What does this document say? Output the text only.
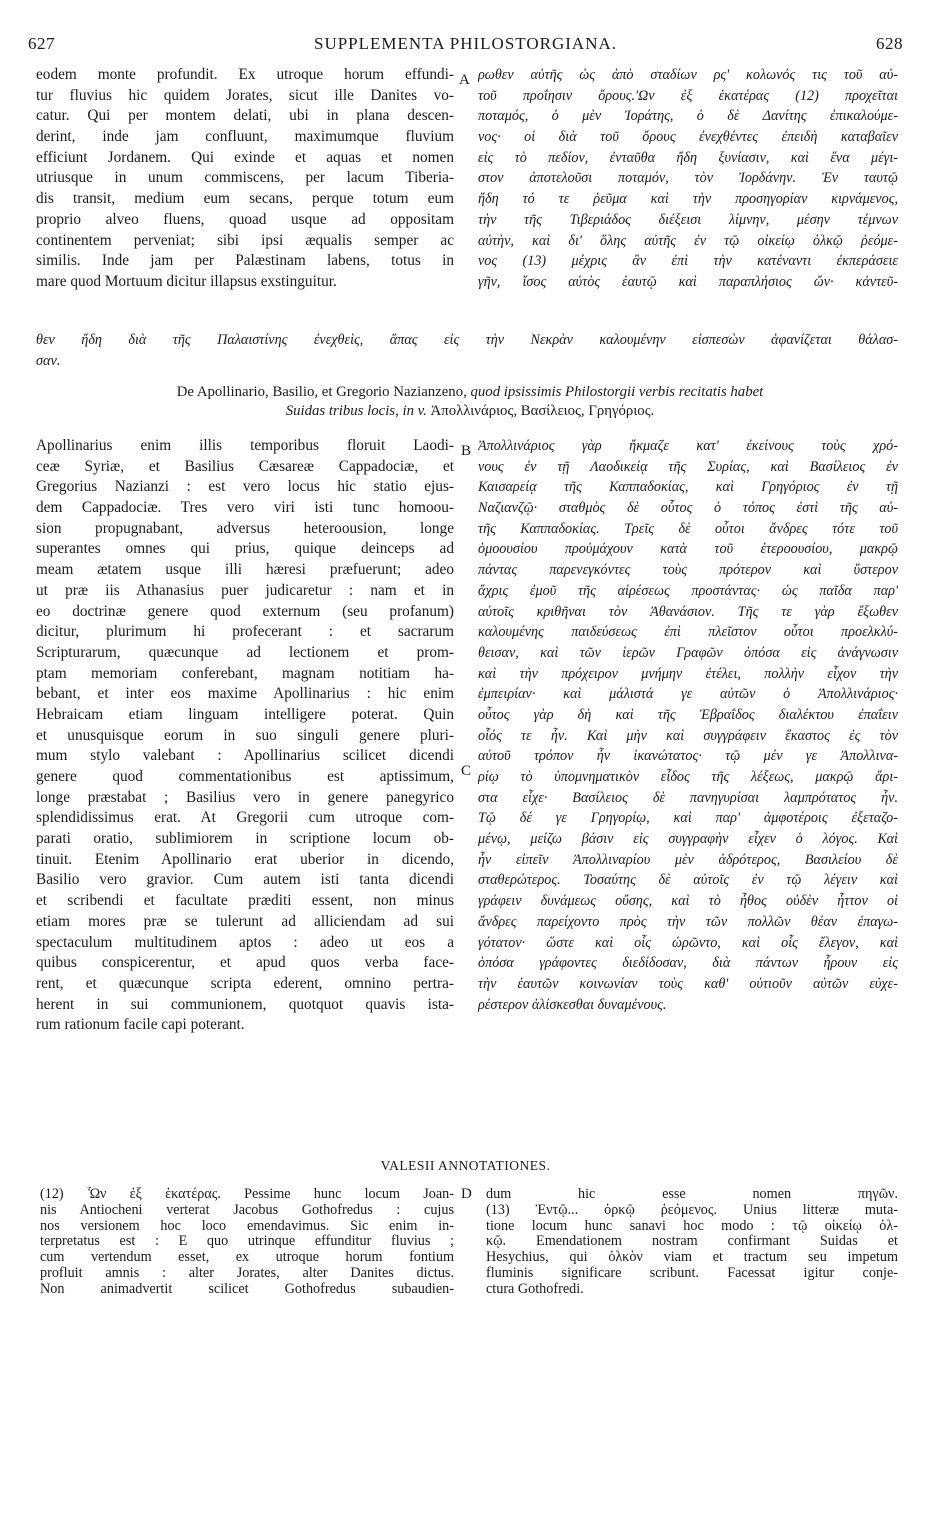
627	SUPPLEMENTA PHILOSTORGIANA.	628
eodem monte profundit. Ex utroque horum effundi-
tur fluvius hic quidem Jorates, sicut ille Danites vo-
catur. Qui per montem delati, ubi in plana descen-
derint, inde jam confluunt, maximumque fluvium
efficiunt Jordanem. Qui exinde et aquas et nomen
utriusque in unum commiscens, per lacum Tiberia-
dis transit, medium eum secans, perque totum eum
proprio alveo fluens, quoad usque ad oppositam
continentem perveniat; sibi ipsi æqualis semper ac
similis. Inde jam per Palæstinam labens, totus in
mare quod Mortuum dicitur illapsus exstinguitur.
A ρωθεν αὐτῆς ὡς ἀπὸ σταδίων ρς' κολωνός τις τοῦ αὐ-
τοῦ προΐησιν ὄρους.ʹΩν ἐξ ἑκατέρας (12) προχεῖται
ποταμός, ὁ μὲν Ἰοράτης, ὁ δὲ Δανίτης ἐπικαλούμε-
νος· οἱ διὰ τοῦ ὄρους ἐνεχθέντες ἐπειδὴ καταβαῖεν
εἰς τὸ πεδίον, ἐνταῦθα ἤδη ξυνίασιν, καὶ ἕνα μέγι-
στον ἀποτελοῦσι ποταμόν, τὸν Ἰορδάνην. Ἐν ταυτῷ
ἤδη τό τε ῥεῦμα καὶ τὴν προσηγορίαν κιρνάμενος,
τὴν τῆς Τιβεριάδος διέξεισι λίμνην, μέσην τέμνων
αὐτὴν, καὶ δι' ὅλης αὐτῆς ἐν τῷ οἰκείῳ ὁλκῷ ῥεόμε-
νος (13) μέχρις ἂν ἐπὶ τὴν κατέναντι ἐκπεράσειε
γῆν, ἴσος αὐτὸς ἑαυτῷ καὶ παραπλήσιος ὤν· κἀντεῦ-
θεν ἤδη διὰ τῆς Παλαιστίνης ἐνεχθεὶς, ἅπας εἰς τὴν Νεκρὰν καλουμένην εἰσπεσὼν ἀφανίζεται θάλασ-
σαν.
De Apollinario, Basilio, et Gregorio Nazianzeno, quod ipsissimis Philostorgii verbis recitatis habet
Suidas tribus locis, in v. Ἀπολλινάριος, Βασίλειος, Γρηγόριος.
Apollinarius enim illis temporibus floruit Laodi-
ceæ Syriæ, et Basilius Cæsareæ Cappadociæ, et
Gregorius Nazianzi : est vero locus hic statio ejus-
dem Cappadociæ. Tres vero viri isti tunc homoou-
sion propugnabant, adversus heteroousion, longe
superantes omnes qui prius, quique deinceps ad
meam ætatem usque illi hæresi præfuerunt; adeo
ut præ iis Athanasius puer judicaretur : nam et in
eo doctrinæ genere quod externum (seu profanum)
dicitur, plurimum hi profecerant : et sacrarum
Scripturarum, quæcunque ad lectionem et prom-
ptam memoriam conferebant, magnam notitiam ha-
bebant, et inter eos maxime Apollinarius : hic enim
Hebraicam etiam linguam intelligere poterat. Quin
et unusquisque eorum in suo singuli genere pluri-
mum stylo valebant : Apollinarius scilicet dicendi
genere quod commentationibus est aptissimum,
longe præstabat ; Basilius vero in genere panegyrico
splendidissimus erat. At Gregorii cum utroque com-
parati oratio, sublimiorem in scriptione locum ob-
tinuit. Etenim Apollinario erat uberior in dicendo,
Basilio vero gravior. Cum autem isti tanta dicendi
et scribendi et facultate præditi essent, non minus
etiam mores præ se tulerunt ad alliciendam ad sui
spectaculum multitudinem aptos : adeo ut eos a
quibus conspicerentur, et apud quos verba face-
rent, et quæcunque scripta ederent, omnino pertra-
herent in sui communionem, quotquot quavis ista-
rum rationum facile capi poterant.
B
C
Ἀπολλινάριος γὰρ ἤκμαζε κατ' ἐκείνους τοὺς χρό-
νους ἐν τῇ Λαοδικείᾳ τῆς Συρίας, καὶ Βασίλειος ἐν
Καισαρείᾳ τῆς Καππαδοκίας, καὶ Γρηγόριος ἐν τῇ
Ναζιανζῷ· σταθμὸς δὲ οὗτος ὁ τόπος ἐστὶ τῆς αὐ-
τῆς Καππαδοκίας. Τρεῖς δὲ οὗτοι ἄνδρες τότε τοῦ
ὁμοουσίου προὐμάχουν κατὰ τοῦ ἑτεροουσίου, μακρῷ
πάντας παρενεγκόντες τοὺς πρότερον καὶ ὕστερον
ἄχρις ἐμοῦ τῆς αἱρέσεως προστάντας· ὡς παῖδα παρ'
αὐτοῖς κριθῆναι τὸν Ἀθανάσιον. Τῆς τε γὰρ ἔξωθεν
καλουμένης παιδεύσεως ἐπὶ πλεῖστον οὗτοι προελκλύ-
θεισαν, καὶ τῶν ἱερῶν Γραφῶν ὁπόσα εἰς ἀνάγνωσιν
καὶ τὴν πρόχειρον μνήμην ἐτέλει, πολλὴν εἶχον τὴν
ἐμπειρίαν· καὶ μάλιστά γε αὐτῶν ὁ Ἀπολλινάριος·
οὗτος γὰρ δὴ καὶ τῆς Ἑβραΐδος διαλέκτου ἐπαΐειν
οἷός τε ἦν. Καὶ μὴν καὶ συγγράφειν ἕκαστος ἐς τὸν
αὐτοῦ τρόπον ἦν ἱκανώτατος· τῷ μέν γε Ἀπολλινα-
ρίῳ τὸ ὑπομνηματικὸν εἶδος τῆς λέξεως, μακρῷ ἄρι-
στα εἶχε· Βασίλειος δὲ πανηγυρίσαι λαμπρότατος ἦν.
Τῷ δέ γε Γρηγορίῳ, καὶ παρ' ἀμφοτέροις ἐξεταζο-
μένῳ, μείζω βάσιν εἰς συγγραφὴν εἶχεν ὁ λόγος. Καὶ
ἦν εἰπεῖν Ἀπολλιναρίου μὲν ἁδρότερος, Βασιλείου δὲ
σταθερώτερος. Τοσαύτης δὲ αὐτοῖς ἐν τῷ λέγειν καὶ
γράφειν δυνάμεως οὔσης, καὶ τὸ ἦθος οὐδὲν ἧττον οἱ
ἄνδρες παρείχοντο πρὸς τὴν τῶν πολλῶν θέαν ἐπαγω-
γότατον· ὥστε καὶ οἷς ὡρῶντο, καὶ οἷς ἔλεγον, καὶ
ὁπόσα γράφοντες διεδίδοσαν, διὰ πάντων ἧρουν εἰς
τὴν ἑαυτῶν κοινωνίαν τοὺς καθ' οὑτιοῦν αὐτῶν εὐχε-
ρέστερον ἁλίσκεσθαι δυναμένους.
VALESII ANNOTATIONES.
(12) Ὧν ἐξ ἑκατέρας. Pessime hunc locum Joan-
nis Antiocheni verterat Jacobus Gothofredus : cujus
nos versionem hoc loco emendavimus. Sic enim in-
terpretatus est : E quo utrinque effunditur fluvius ;
cum vertendum esset, ex utroque horum fontium
profluit amnis : alter Jorates, alter Danites dictus.
Non animadvertit scilicet Gothofredus subaudien-
D dum hic esse nomen πηγῶν.
(13) Ἐντῷ... ὁρκῷ ῥεόμενος. Unius litteræ muta-
tione locum hunc sanavi hoc modo : τῷ οἰκείῳ ὁλ-
κῷ. Emendationem nostram confirmant Suidas et
Hesychius, qui ὁλκὸν viam et tractum seu impetum
fluminis significare scribunt. Facessat igitur conje-
ctura Gothofredi.
